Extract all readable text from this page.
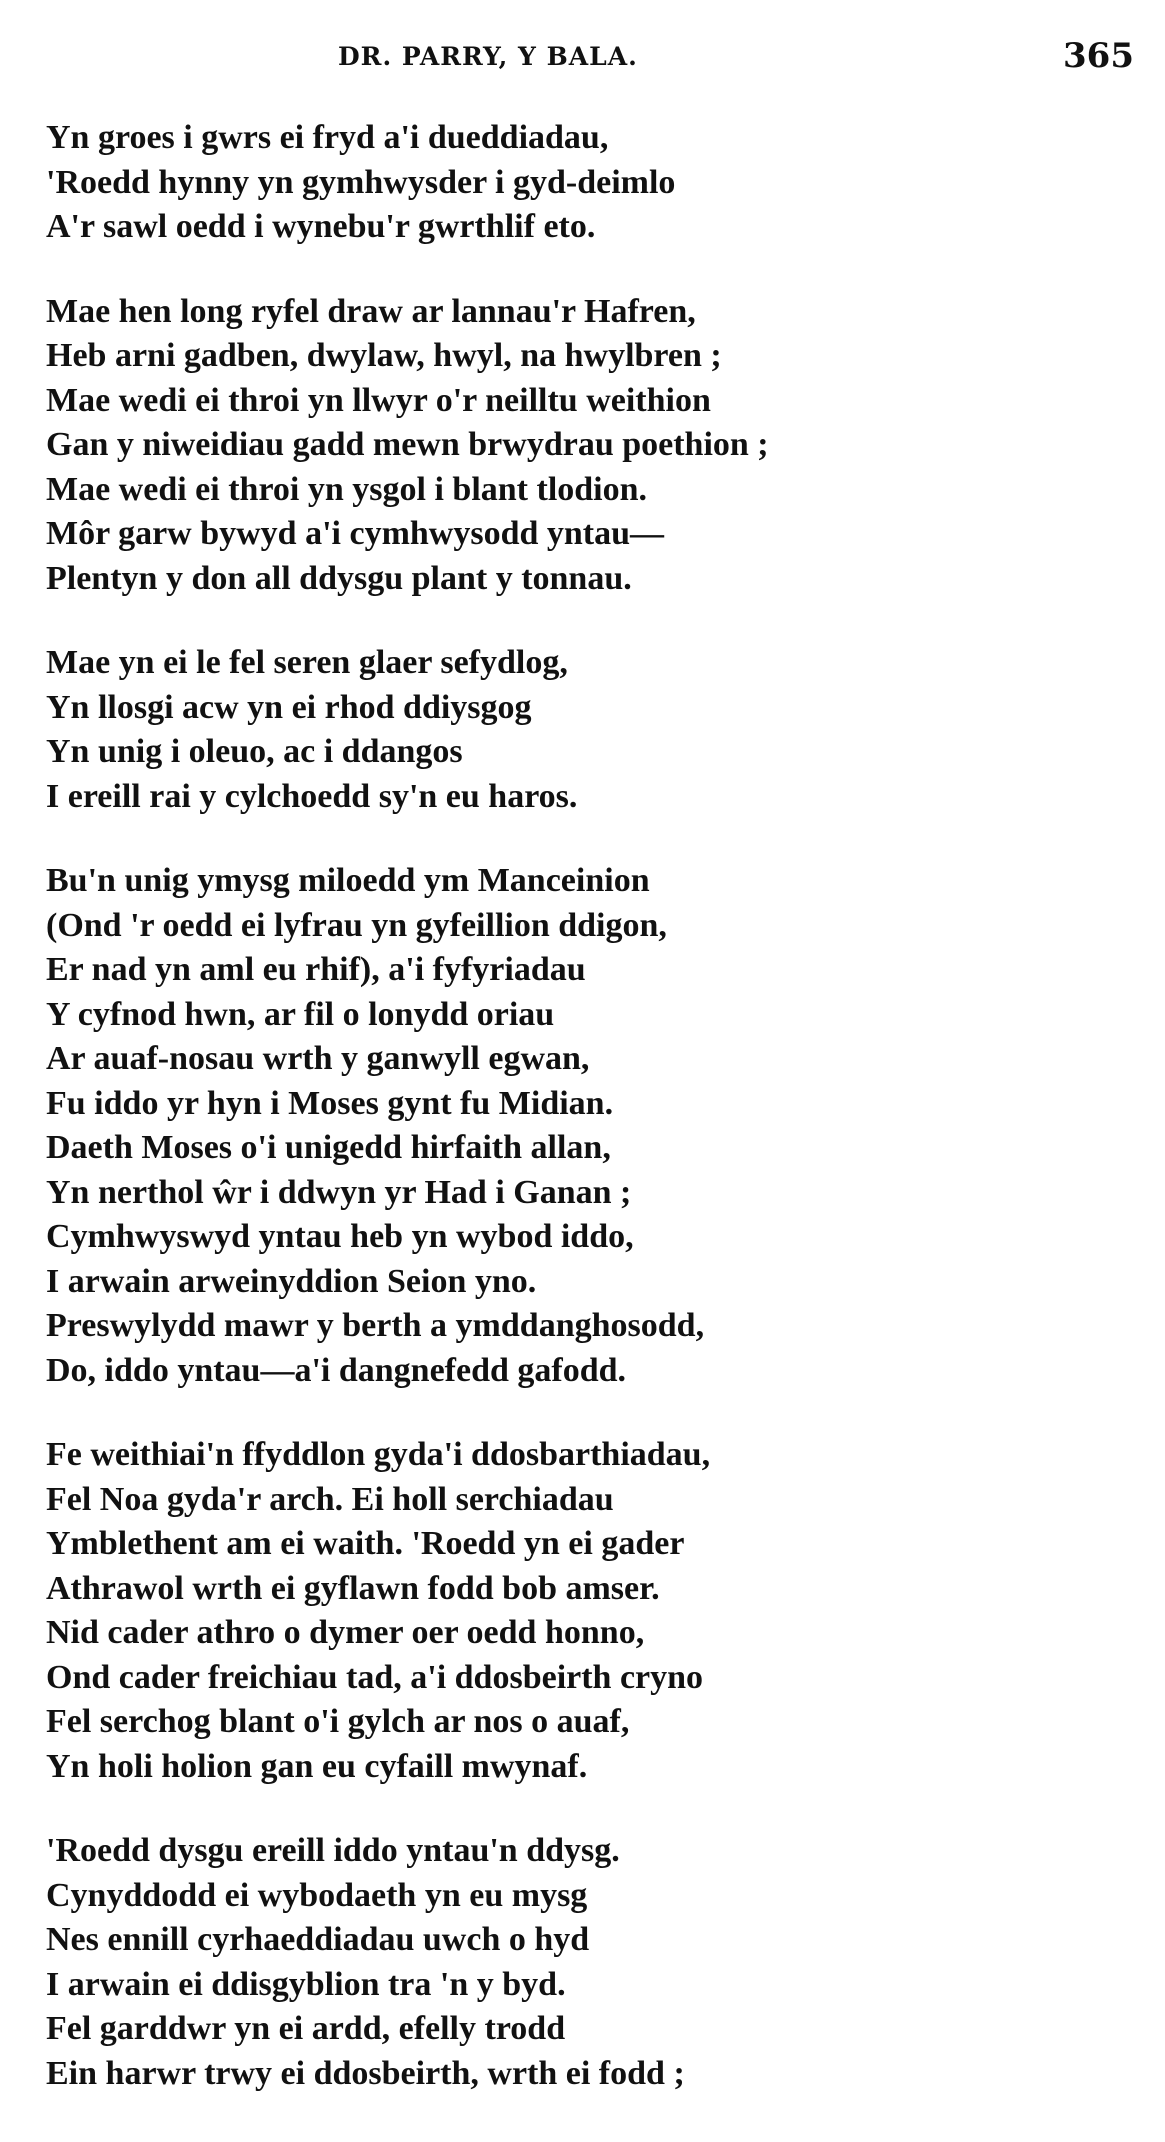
DR. PARRY, Y BALA.	365
Yn groes i gwrs ei fryd a'i dueddiadau,
'Roedd hynny yn gymhwysder i gyd-deimlo
A'r sawl oedd i wynebu'r gwrthlif eto.
Mae hen long ryfel draw ar lannau'r Hafren,
Heb arni gadben, dwylaw, hwyl, na hwylbren ;
Mae wedi ei throi yn llwyr o'r neilltu weithion
Gan y niweidiau gadd mewn brwydrau poethion ;
Mae wedi ei throi yn ysgol i blant tlodion.
Môr garw bywyd a'i cymhwysodd yntau—
Plentyn y don all ddysgu plant y tonnau.
Mae yn ei le fel seren glaer sefydlog,
Yn llosgi acw yn ei rhod ddiysgog
Yn unig i oleuo, ac i ddangos
I ereill rai y cylchoedd sy'n eu haros.
Bu'n unig ymysg miloedd ym Manceinion
(Ond 'r oedd ei lyfrau yn gyfeillion ddigon,
Er nad yn aml eu rhif), a'i fyfyriadau
Y cyfnod hwn, ar fil o lonydd oriau
Ar auaf-nosau wrth y ganwyll egwan,
Fu iddo yr hyn i Moses gynt fu Midian.
Daeth Moses o'i unigedd hirfaith allan,
Yn nerthol ŵr i ddwyn yr Had i Ganan ;
Cymhwyswyd yntau heb yn wybod iddo,
I arwain arweinyddion Seion yno.
Preswylydd mawr y berth a ymddanghosodd,
Do, iddo yntau—a'i dangnefedd gafodd.
Fe weithiai'n ffyddlon gyda'i ddosbarthiadau,
Fel Noa gyda'r arch. Ei holl serchiadau
Ymblethent am ei waith. 'Roedd yn ei gader
Athrawol wrth ei gyflawn fodd bob amser.
Nid cader athro o dymer oer oedd honno,
Ond cader freichiau tad, a'i ddosbeirth cryno
Fel serchog blant o'i gylch ar nos o auaf,
Yn holi holion gan eu cyfaill mwynaf.
'Roedd dysgu ereill iddo yntau'n ddysg.
Cynyddodd ei wybodaeth yn eu mysg
Nes ennill cyrhaeddiadau uwch o hyd
I arwain ei ddisgyblion tra 'n y byd.
Fel garddwr yn ei ardd, efelly trodd
Ein harwr trwy ei ddosbeirth, wrth ei fodd ;
